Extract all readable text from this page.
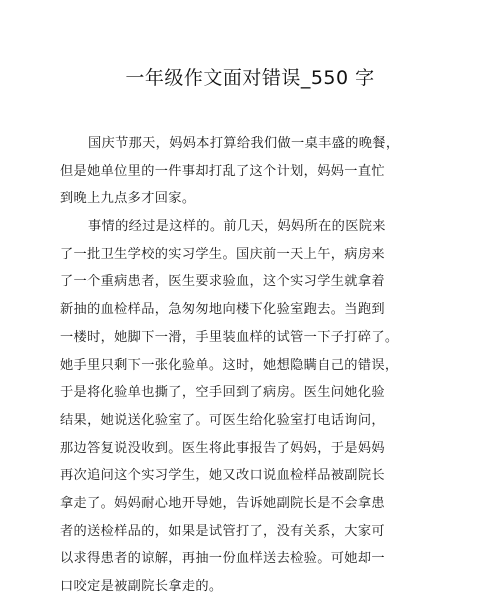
一年级作文面对错误_550 字
国庆节那天，妈妈本打算给我们做一桌丰盛的晚餐，
但是她单位里的一件事却打乱了这个计划，妈妈一直忙
到晚上九点多才回家。
事情的经过是这样的。前几天，妈妈所在的医院来
了一批卫生学校的实习学生。国庆前一天上午，病房来
了一个重病患者，医生要求验血，这个实习学生就拿着
新抽的血检样品，急匆匆地向楼下化验室跑去。当跑到
一楼时，她脚下一滑，手里装血样的试管一下子打碎了。
她手里只剩下一张化验单。这时，她想隐瞒自己的错误，
于是将化验单也撕了，空手回到了病房。医生问她化验
结果，她说送化验室了。可医生给化验室打电话询问，
那边答复说没收到。医生将此事报告了妈妈，于是妈妈
再次追问这个实习学生，她又改口说血检样品被副院长
拿走了。妈妈耐心地开导她，告诉她副院长是不会拿患
者的送检样品的，如果是试管打了，没有关系，大家可
以求得患者的谅解，再抽一份血样送去检验。可她却一
口咬定是被副院长拿走的。
